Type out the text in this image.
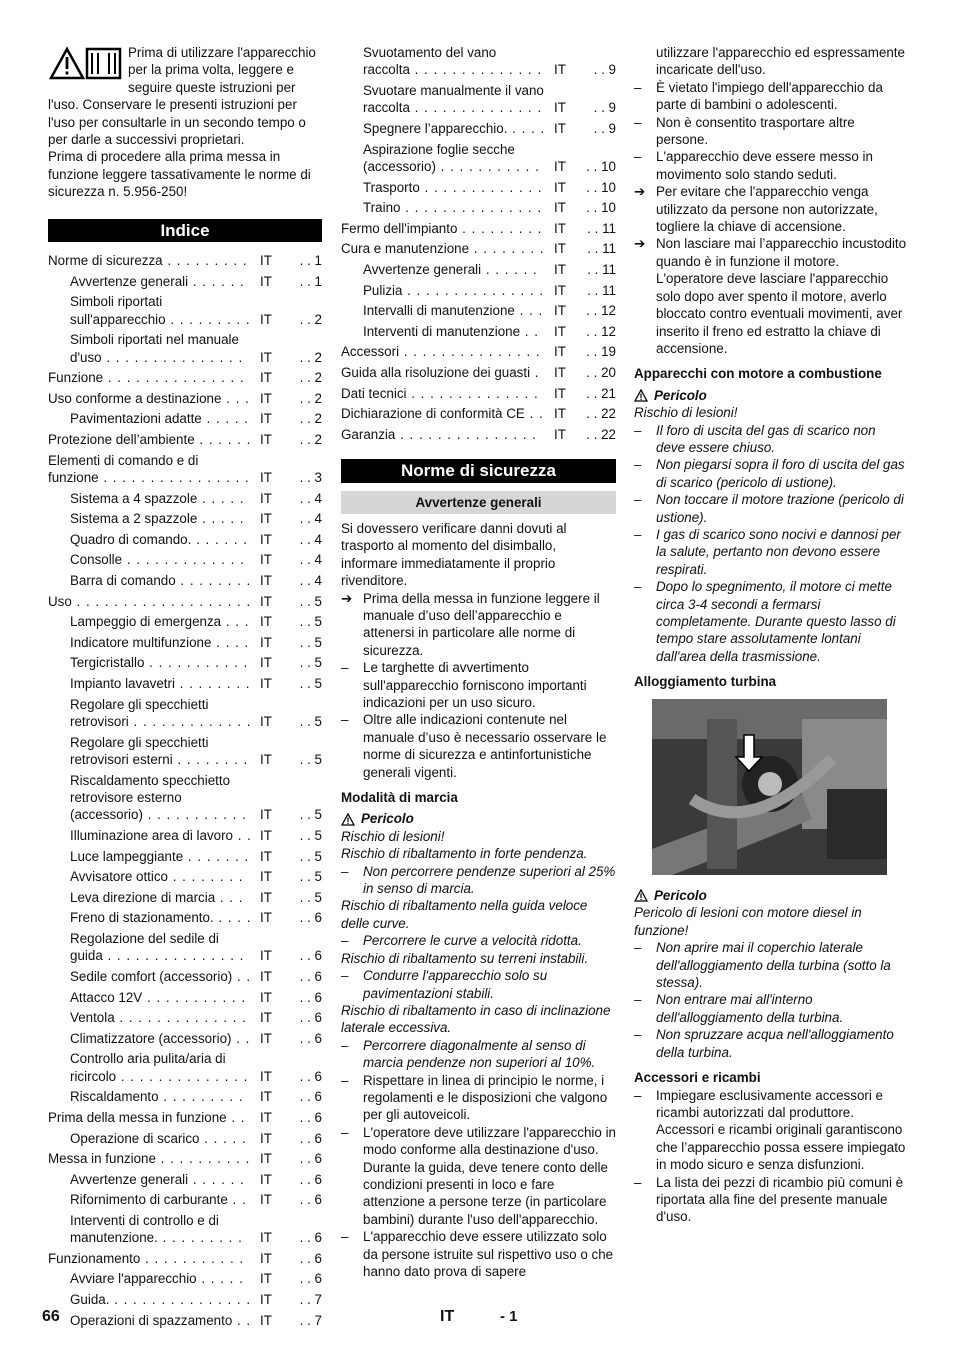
Prima di utilizzare l'apparecchio per la prima volta, leggere e seguire queste istruzioni per l'uso. Conservare le presenti istruzioni per l'uso per consultarle in un secondo tempo o per darle a successivi proprietari.

Prima di procedere alla prima messa in funzione leggere tassativamente le norme di sicurezza n. 5.956-250!

Indice
Norme di sicurezza . . . . . . . . . IT	. . 1
Avvertenze generali . . . . . .	IT	. . 1
Simboli riportati sull'apparecchio . . . . . . . . . IT	. . 2
Simboli riportati nel manuale d'uso . . . . . . . . . . . . . . .	IT	. . 2
Funzione . . . . . . . . . . . . . . .	IT	. . 2
Uso conforme a destinazione . . . IT	. . 2
Pavimentazioni adatte . . . . . IT	. . 2
Protezione dell’ambiente . . . . . . IT	. . 2
Elementi di comando e di funzione . . . . . . . . . . . . . . . . IT	. . 3
Sistema a 4 spazzole . . . . .	IT	. . 4
Sistema a 2 spazzole . . . . .	IT	. . 4
Quadro di comando. . . . . . . IT	. . 4
Consolle . . . . . . . . . . . . .	IT	. . 4
Barra di comando . . . . . . . . IT	. . 4
Uso . . . . . . . . . . . . . . . . . . . IT	. . 5
Lampeggio di emergenza . . . IT	. . 5
Indicatore multifunzione . . . . IT	. . 5
Tergicristallo . . . . . . . . . . . IT	. . 5
Impianto lavavetri . . . . . . . . IT	. . 5
Regolare gli specchietti retrovisori . . . . . . . . . . . . . IT	. . 5
Regolare gli specchietti retrovisori esterni . . . . . . . . IT	. . 5
Riscaldamento specchietto retrovisore esterno (accessorio) . . . . . . . . . . . IT	. . 5
Illuminazione area di lavoro . . IT	. . 5
Luce lampeggiante . . . . . . . IT	. . 5
Avvisatore ottico . . . . . . . .	IT	. . 5
Leva direzione di marcia . . .	IT	. . 5
Freno di stazionamento. . . . . IT	. . 6
Regolazione del sedile di guida . . . . . . . . . . . . . . .	IT	. . 6
Sedile comfort (accessorio) . . IT	. . 6
Attacco 12V . . . . . . . . . . .	IT	. . 6
Ventola . . . . . . . . . . . . . . IT	. . 6
Climatizzatore (accessorio) . . IT	. . 6
Controllo aria pulita/aria di ricircolo . . . . . . . . . . . . . . IT	. . 6
Riscaldamento . . . . . . . . .	IT	. . 6
Prima della messa in funzione . .	IT	. . 6
Operazione di scarico . . . . . IT	. . 6
Messa in funzione . . . . . . . . . . IT	. . 6
Avvertenze generali . . . . . .	IT	. . 6
Rifornimento di carburante . . IT	. . 6
Interventi di controllo e di manutenzione. . . . . . . . . .	IT	. . 6
Funzionamento . . . . . . . . . . .	IT	. . 6
Avviare l'apparecchio . . . . .	IT	. . 6
Guida. . . . . . . . . . . . . . . . IT	. . 7
Operazioni di spazzamento . . IT	. . 7
Svuotamento del vano raccolta . . . . . . . . . . . . . . IT	. . 9
Svuotare manualmente il vano raccolta . . . . . . . . . . . . . . IT	. . 9
Spegnere l’apparecchio. . . . . IT	. . 9
Aspirazione foglie secche (accessorio) . . . . . . . . . . .	IT	. . 10
Trasporto . . . . . . . . . . . . . IT	. . 10
Traino . . . . . . . . . . . . . . . IT	. . 10
Fermo dell'impianto . . . . . . . . . IT	. . 11
Cura e manutenzione . . . . . . . . IT	. . 11
Avvertenze generali . . . . . .	IT	. . 11
Pulizia . . . . . . . . . . . . . . . IT	. . 11
Intervalli di manutenzione . . . IT	. . 12
Interventi di manutenzione . .	IT	. . 12
Accessori . . . . . . . . . . . . . . . IT	. . 19
Guida alla risoluzione dei guasti .	IT	. . 20
Dati tecnici . . . . . . . . . . . . . .	IT	. . 21
Dichiarazione di conformità CE . . IT	. . 22
Garanzia . . . . . . . . . . . . . . .	IT	. . 22
Norme di sicurezza
Avvertenze generali

Si dovessero verificare danni dovuti al trasporto al momento del disimballo, informare immediatamente il proprio rivenditore.

➔ Prima della messa in funzione leggere il manuale d’uso dell’apparecchio e attenersi in particolare alle norme di sicurezza.
–	Le targhette di avvertimento sull'apparecchio forniscono importanti indicazioni per un uso sicuro.
–	Oltre alle indicazioni contenute nel manuale d’uso è necessario osservare le norme di sicurezza e antinfortunistiche generali vigenti.

Modalità di marcia

Pericolo

Rischio di lesioni!

Rischio di ribaltamento in forte pendenza.

–	Non percorrere pendenze superiori al 25% in senso di marcia.

Rischio di ribaltamento nella guida veloce delle curve.

–	Percorrere le curve a velocità ridotta.

Rischio di ribaltamento su terreni instabili.

–	Condurre l'apparecchio solo su pavimentazioni stabili.

Rischio di ribaltamento in caso di inclinazione laterale eccessiva.

–	Percorrere diagonalmente al senso di marcia pendenze non superiori al 10%.
–	Rispettare in linea di principio le norme, i regolamenti e le disposizioni che valgono per gli autoveicoli.
–	L'operatore deve utilizzare l'apparecchio in modo conforme alla destinazione d'uso. Durante la guida, deve tenere conto delle condizioni presenti in loco e fare attenzione a persone terze (in particolare bambini) durante l'uso dell'apparecchio.
–	L'apparecchio deve essere utilizzato solo da persone istruite sul rispettivo uso o che hanno dato prova di sapere

utilizzare l'apparecchio ed espressamente incaricate dell'uso.

–	È vietato l'impiego dell'apparecchio da parte di bambini o adolescenti.
–	Non è consentito trasportare altre persone.
–	L'apparecchio deve essere messo in movimento solo stando seduti.
➔ Per evitare che l'apparecchio venga utilizzato da persone non autorizzate, togliere la chiave di accensione.
➔ Non lasciare mai l’apparecchio incustodito quando è in funzione il motore. L'operatore deve lasciare l'apparecchio solo dopo aver spento il motore, averlo bloccato contro eventuali movimenti, aver inserito il freno ed estratto la chiave di accensione.

Apparecchi con motore a combustione

Pericolo

Rischio di lesioni!

–	Il foro di uscita del gas di scarico non deve essere chiuso.
–	Non piegarsi sopra il foro di uscita del gas di scarico (pericolo di ustione).
–	Non toccare il motore trazione (pericolo di ustione).
–	I gas di scarico sono nocivi e dannosi per la salute, pertanto non devono essere respirati.
–	Dopo lo spegnimento, il motore ci mette circa 3-4 secondi a fermarsi completamente. Durante questo lasso di tempo stare assolutamente lontani dall'area della trasmissione.

Alloggiamento turbina

Pericolo

Pericolo di lesioni con motore diesel in funzione!

–	Non aprire mai il coperchio laterale dell'alloggiamento della turbina (sotto la stessa).
–	Non entrare mai all'interno dell'alloggiamento della turbina.
–	Non spruzzare acqua nell'alloggiamento della turbina.

Accessori e ricambi

–	Impiegare esclusivamente accessori e ricambi autorizzati dal produttore. Accessori e ricambi originali garantiscono che l’apparecchio possa essere impiegato in modo sicuro e senza disfunzioni.
–	La lista dei pezzi di ricambio più comuni è riportata alla fine del presente manuale d'uso.
66	IT	- 1
